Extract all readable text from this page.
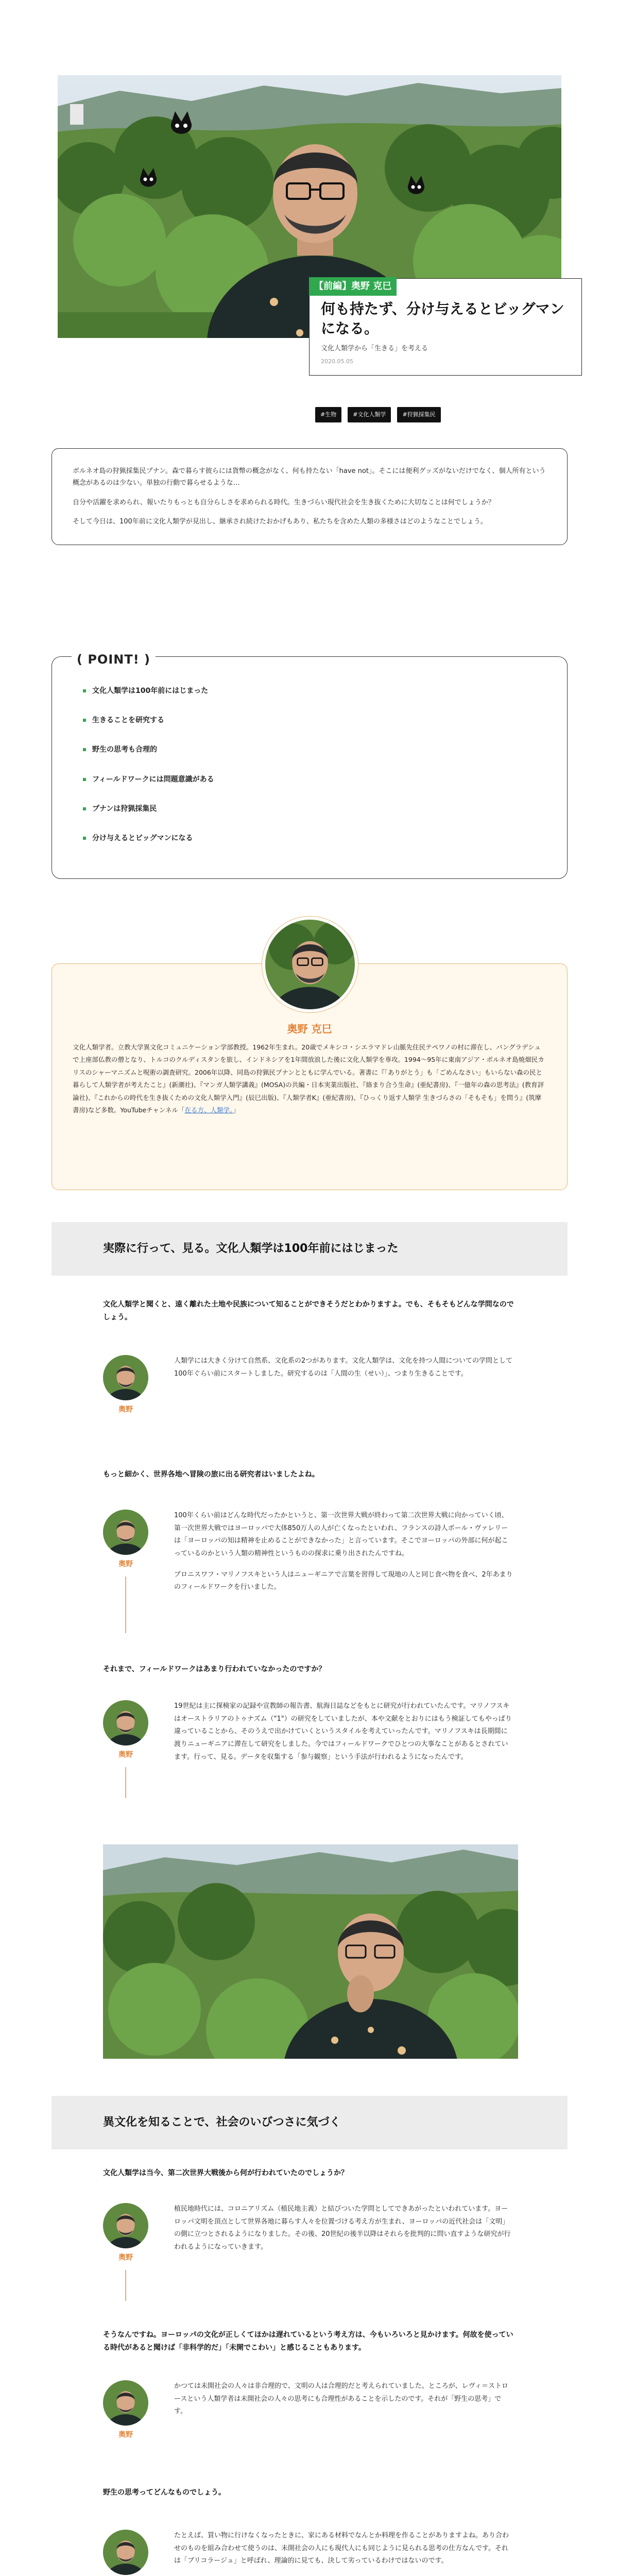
【前編】奥野 克巳
何も持たず、分け与えるとビッグマンになる。
文化人類学から「生きる」を考える
2020.05.05
#生物	#文化人類学	#狩猟採集民

ボルネオ島の狩猟採集民プナン。森で暮らす彼らには貨幣の概念がなく、何も持たない「have not」。そこには便利グッズがないだけでなく、個人所有という概念があるのは少ない。単独の行動で暮らせるような…

自分や活躍を求められ、報いたりもっとも自分らしさを求められる時代。生きづらい現代社会を生き抜くために大切なことは何でしょうか？

そして今日は、100年前に文化人類学が見出し、継承され続けたおかげもあり、私たちを含めた人類の多様さはどのようなことでしょう。

( POINT! )
文化人類学は100年前にはじまった
生きることを研究する
野生の思考も合理的
フィールドワークには問題意識がある
プナンは狩猟採集民
分け与えるとビッグマンになる
奥野 克巳
文化人類学者。立教大学異文化コミュニケーション学部教授。1962年生まれ。20歳でメキシコ・シエラマドレ山脈先住民テペワノの村に滞在し、バングラデシュで上座部仏教の僧となり、トルコのクルディスタンを旅し、インドネシアを1年間放浪した後に文化人類学を専攻。1994〜95年に東南アジア・ボルネオ島焼畑民カリスのシャーマニズムと呪術の調査研究。2006年以降、同島の狩猟民プナンとともに学んでいる。著書に『「ありがとう」も「ごめんなさい」もいらない森の民と暮らして人類学者が考えたこと』(新潮社)、『マンガ人類学講義』(MOSA)の共編・日本実業出版社、『絡まり合う生命』(亜紀書房)、『一億年の森の思考法』(教育評論社)、『これからの時代を生き抜くための文化人類学入門』(辰巳出版)、『人類学者K』(亜紀書房)、『ひっくり返す人類学 生きづらさの「そもそも」を問う』(筑摩書房)など多数。YouTubeチャンネル「在る方、人類学。」
実際に行って、見る。文化人類学は100年前にはじまった
文化人類学と聞くと、遠く離れた土地や民族について知ることができそうだとわかりますよ。でも、そもそもどんな学問なのでしょう。
奥野

人類学には大きく分けて自然系、文化系の2つがあります。文化人類学は、文化を持つ人間についての学問として100年ぐらい前にスタートしました。研究するのは「人間の生（せい）」、つまり生きることです。

もっと細かく、世界各地へ冒険の旅に出る研究者はいましたよね。
奥野

100年くらい前はどんな時代だったかというと、第一次世界大戦が終わって第二次世界大戦に向かっていく頃、第一次世界大戦ではヨーロッパで大体850万人の人が亡くなったといわれ、フランスの詩人ポール・ヴァレリーは「ヨーロッパの知は精神を止めることができなかった」と言っています。そこでヨーロッパの外部に何が起こっているのかという人類の精神性というものの探求に乗り出されたんですね。

ブロニスワフ・マリノフスキという人はニューギニアで言葉を習得して現地の人と同じ食べ物を食べ、2年あまりのフィールドワークを行いました。

それまで、フィールドワークはあまり行われていなかったのですか？
奥野

19世紀は主に探検家の記録や宣教師の報告書、航海日誌などをもとに研究が行われていたんです。マリノフスキはオーストラリアのトゥナズム（"1"）の研究をしていましたが、本や文献をとおりにはもう検証してもやっぱり違っていることから、そのうえで出かけていくというスタイルを考えていったんです。マリノフスキは長期間に渡りニューギニアに滞在して研究をしました。今ではフィールドワークでひとつの大事なことがあるとされています。行って、見る。データを収集する「参与観察」という手法が行われるようになったんです。

異文化を知ることで、社会のいびつさに気づく
文化人類学は当今、第二次世界大戦後から何が行われていたのでしょうか？
奥野

植民地時代には、コロニアリズム（植民地主義）と結びついた学問としてできあがったといわれています。ヨーロッパ文明を頂点として世界各地に暮らす人々を位置づける考え方が生まれ、ヨーロッパの近代社会は「文明」の側に立つとされるようになりました。その後、20世紀の後半以降はそれらを批判的に問い直すような研究が行われるようになっていきます。

そうなんですね。ヨーロッパの文化が正しくてほかは遅れているという考え方は、今もいろいろと見かけます。何故を使っている時代があると聞けば「非科学的だ」「未開でこわい」と感じることもあります。
奥野

かつては未開社会の人々は非合理的で、文明の人は合理的だと考えられていました。ところが、レヴィ＝ストロースという人類学者は未開社会の人々の思考にも合理性があることを示したのです。それが「野生の思考」です。

野生の思考ってどんなものでしょう。

たとえば、買い物に行けなくなったときに、家にある材料でなんとか料理を作ることがありますよね。あり合わせのものを組み合わせて使うのは、未開社会の人にも現代人にも同じように見られる思考の仕方なんです。それは「ブリコラージュ」と呼ばれ、理論的に見ても、決して劣っているわけではないのです。
